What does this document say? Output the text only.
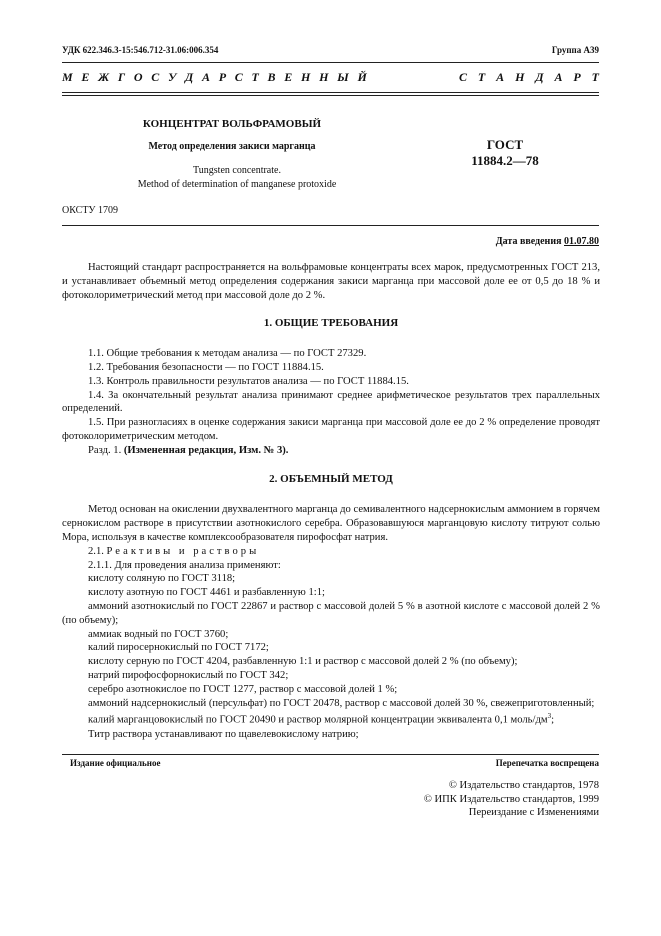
УДК 622.346.3-15:546.712-31.06:006.354	Группа А39
М Е Ж Г О С У Д А Р С Т В Е Н Н Ы Й	С Т А Н Д А Р Т
КОНЦЕНТРАТ ВОЛЬФРАМОВЫЙ
Метод определения закиси марганца
Tungsten concentrate.
Method of determination of manganese protoxide
ГОСТ
11884.2—78
ОКСТУ 1709
Дата введения 01.07.80

Настоящий стандарт распространяется на вольфрамовые концентраты всех марок, предусмотренных ГОСТ 213, и устанавливает объемный метод определения содержания закиси марганца при массовой доле ее от 0,5 до 18 % и фотоколориметрический метод при массовой доле до 2 %.

1. ОБЩИЕ ТРЕБОВАНИЯ

1.1. Общие требования к методам анализа — по ГОСТ 27329.

1.2. Требования безопасности — по ГОСТ 11884.15.

1.3. Контроль правильности результатов анализа — по ГОСТ 11884.15.

1.4. За окончательный результат анализа принимают среднее арифметическое результатов трех параллельных определений.

1.5. При разногласиях в оценке содержания закиси марганца при массовой доле ее до 2 % определение проводят фотоколориметрическим методом.

Разд. 1. (Измененная редакция, Изм. № 3).

2. ОБЪЕМНЫЙ МЕТОД

Метод основан на окислении двухвалентного марганца до семивалентного надсернокислым аммонием в горячем сернокислом растворе в присутствии азотнокислого серебра. Образовавшуюся марганцовую кислоту титруют солью Мора, используя в качестве комплексообразователя пирофосфат натрия.

2.1. Реактивы и растворы

2.1.1. Для проведения анализа применяют:

кислоту соляную по ГОСТ 3118;

кислоту азотную по ГОСТ 4461 и разбавленную 1:1;

аммоний азотнокислый по ГОСТ 22867 и раствор с массовой долей 5 % в азотной кислоте с массовой долей 2 % (по объему);

аммиак водный по ГОСТ 3760;

калий пиросернокислый по ГОСТ 7172;

кислоту серную по ГОСТ 4204, разбавленную 1:1 и раствор с массовой долей 2 % (по объему);

натрий пирофосфорнокислый по ГОСТ 342;

серебро азотнокислое по ГОСТ 1277, раствор с массовой долей 1 %;

аммоний надсернокислый (персульфат) по ГОСТ 20478, раствор с массовой долей 30 %, свежеприготовленный;

калий марганцовокислый по ГОСТ 20490 и раствор молярной концентрации эквивалента 0,1 моль/$дм^3$;

Титр раствора устанавливают по щавелевокислому натрию;

Издание официальное	Перепечатка воспрещена
© Издательство стандартов, 1978
© ИПК Издательство стандартов, 1999
Переиздание с Изменениями
